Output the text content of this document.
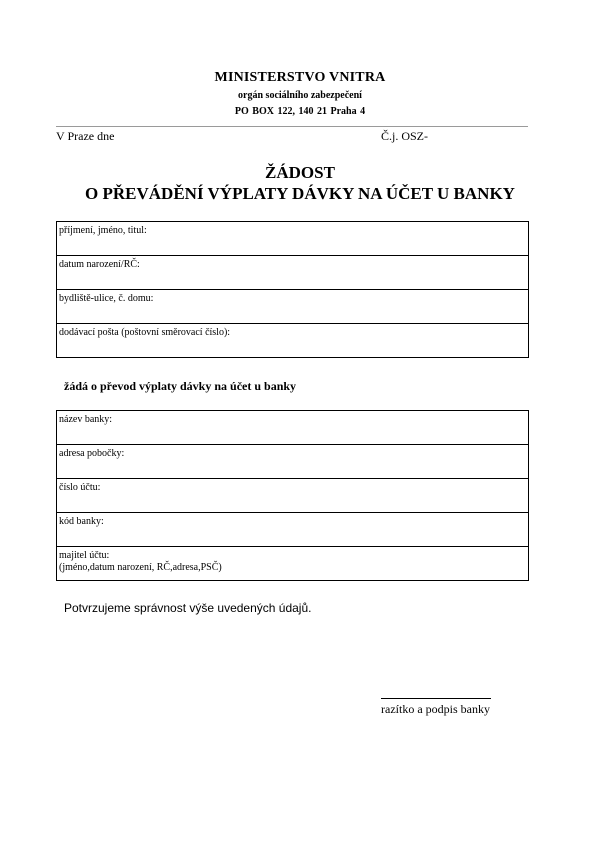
MINISTERSTVO VNITRA
orgán sociálního zabezpečení
PO BOX 122, 140 21 Praha 4
V Praze dne	Č.j. OSZ-
ŽÁDOST
O PŘEVÁDĚNÍ VÝPLATY DÁVKY NA ÚČET U BANKY
příjmení, jméno, titul:

datum narození/RČ:

bydliště-ulice, č. domu:

dodávací pošta (poštovní směrovací číslo):
žádá o převod výplaty dávky na účet u banky
název banky:

adresa pobočky:

číslo účtu:

kód banky:

majitel účtu:
(jméno,datum narození, RČ,adresa,PSČ)
Potvrzujeme správnost výše uvedených údajů.
razítko a podpis banky
